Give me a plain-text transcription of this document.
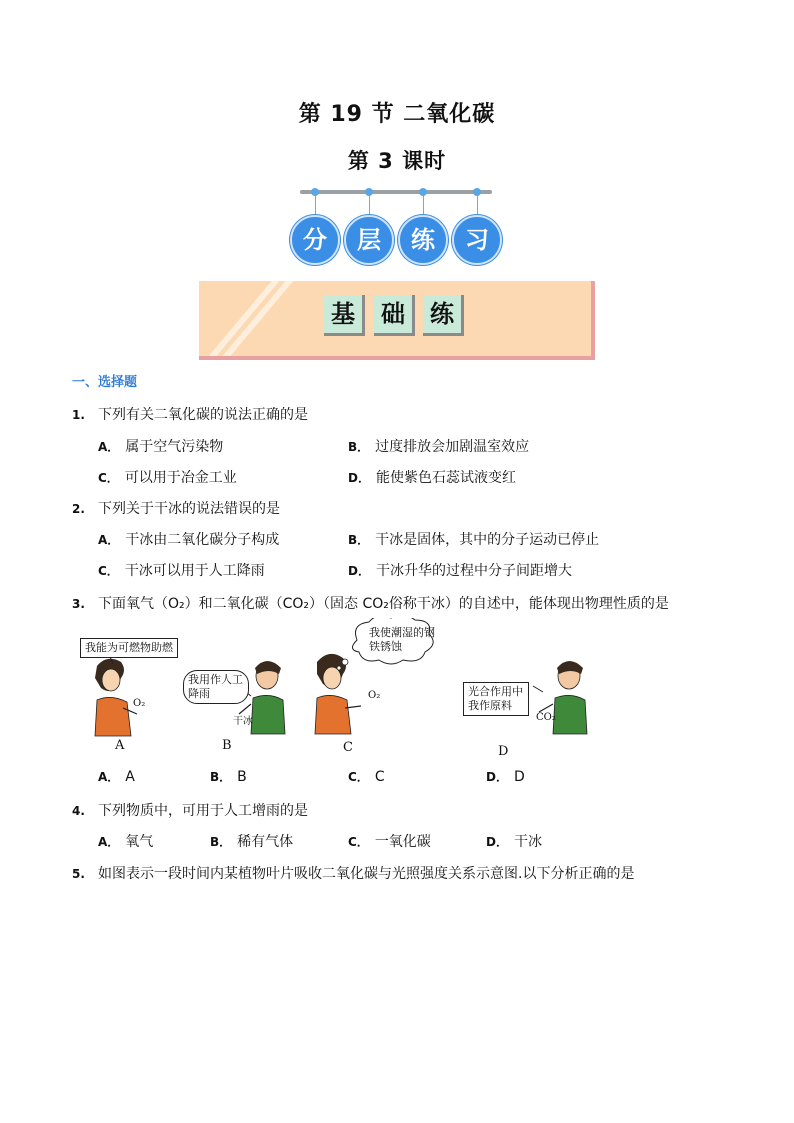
第 19 节 二氧化碳
第 3 课时
分	层	练	习
基	础	练
一、选择题
1. 下列有关二氧化碳的说法正确的是
A． 属于空气污染物	B． 过度排放会加剧温室效应
C． 可以用于冶金工业	D． 能使紫色石蕊试液变红
2. 下列关于干冰的说法错误的是
A． 干冰由二氧化碳分子构成	B． 干冰是固体，其中的分子运动已停止
C． 干冰可以用于人工降雨	D． 干冰升华的过程中分子间距增大
3. 下面氧气（O₂）和二氧化碳（CO₂）（固态 CO₂俗称干冰）的自述中，能体现出物理性质的是
我能为可燃物助燃
我用作人工降雨
我使潮湿的钢铁锈蚀
光合作用中我作原料
O₂
干冰
O₂
CO₂
A	B	C	D
A． A	B． B	C． C	D． D
4. 下列物质中，可用于人工增雨的是
A． 氧气	B． 稀有气体	C． 一氧化碳	D． 干冰
5. 如图表示一段时间内某植物叶片吸收二氧化碳与光照强度关系示意图.以下分析正确的是
